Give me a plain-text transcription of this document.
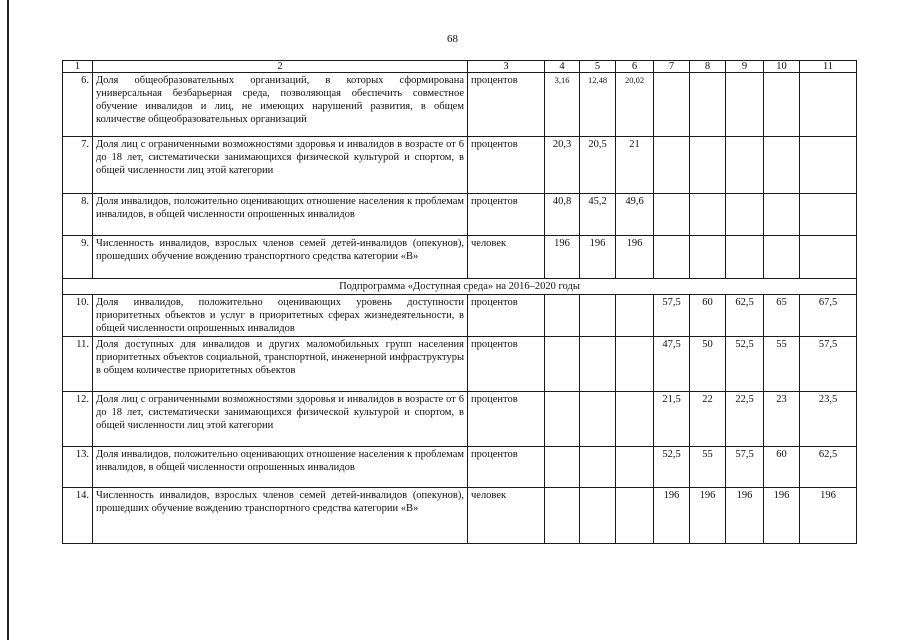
68
1	2	3	4	5	6	7	8	9	10	11
6.	Доля общеобразовательных организаций, в которых сформирована универсальная безбарьерная среда, позволяющая обеспечить совместное обучение инвалидов и лиц, не имеющих нарушений развития, в общем количестве общеобразовательных организаций	процентов	3,16	12,48	20,02					
7.	Доля лиц с ограниченными возможностями здоровья и инвалидов в возрасте от 6 до 18 лет, систематически занимающихся физической культурой и спортом, в общей численности лиц этой категории	процентов	20,3	20,5	21					
8.	Доля инвалидов, положительно оценивающих отношение населения к проблемам инвалидов, в общей численности опрошенных инвалидов	процентов	40,8	45,2	49,6					
9.	Численность инвалидов, взрослых членов семей детей-инвалидов (опекунов), прошедших обучение вождению транспортного средства категории «В»	человек	196	196	196					
Подпрограмма «Доступная среда» на 2016–2020 годы										
10.	Доля инвалидов, положительно оценивающих уровень доступности приоритетных объектов и услуг в приоритетных сферах жизнедеятельности, в общей численности опрошенных инвалидов	процентов				57,5	60	62,5	65	67,5
11.	Доля доступных для инвалидов и других маломобильных групп населения приоритетных объектов социальной, транспортной, инженерной инфраструктуры в общем количестве приоритетных объектов	процентов				47,5	50	52,5	55	57,5
12.	Доля лиц с ограниченными возможностями здоровья и инвалидов в возрасте от 6 до 18 лет, систематически занимающихся физической культурой и спортом, в общей численности лиц этой категории	процентов				21,5	22	22,5	23	23,5
13.	Доля инвалидов, положительно оценивающих отношение населения к проблемам инвалидов, в общей численности опрошенных инвалидов	процентов				52,5	55	57,5	60	62,5
14.	Численность инвалидов, взрослых членов семей детей-инвалидов (опекунов), прошедших обучение вождению транспортного средства категории «В»	человек				196	196	196	196	196
